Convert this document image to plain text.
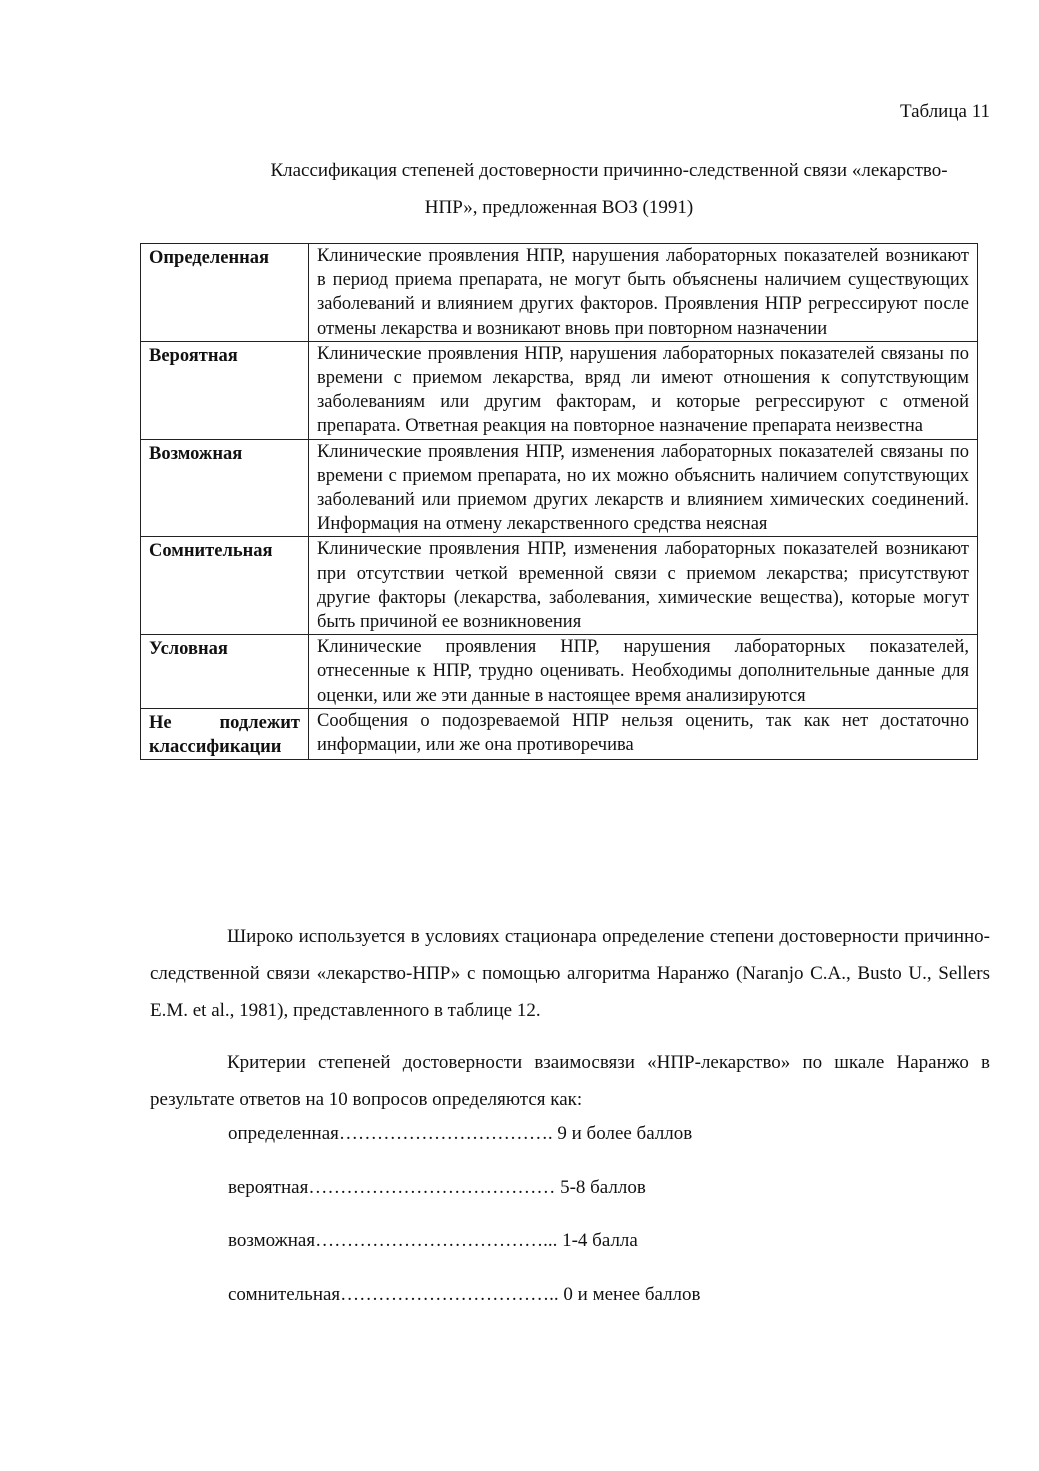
Таблица 11
Классификация степеней достоверности причинно-следственной связи «лекарство-
НПР», предложенная ВОЗ (1991)
Определенная	Клинические проявления НПР, нарушения лабораторных показателей возникают в период приема препарата, не могут быть объяснены наличием существующих заболеваний и влиянием других факторов. Проявления НПР регрессируют после отмены лекарства и возникают вновь при повторном назначении
Вероятная	Клинические проявления НПР, нарушения лабораторных показателей связаны по времени с приемом лекарства, вряд ли имеют отношения к сопутствующим заболеваниям или другим факторам, и которые регрессируют с отменой препарата. Ответная реакция на повторное назначение препарата неизвестна
Возможная	Клинические проявления НПР, изменения лабораторных показателей связаны по времени с приемом препарата, но их можно объяснить наличием сопутствующих заболеваний или приемом других лекарств и влиянием химических соединений. Информация на отмену лекарственного средства неясная
Сомнительная	Клинические проявления НПР, изменения лабораторных показателей возникают при отсутствии четкой временной связи с приемом лекарства; присутствуют другие факторы (лекарства, заболевания, химические вещества), которые могут быть причиной ее возникновения
Условная	Клинические проявления НПР, нарушения лабораторных показателей, отнесенные к НПР, трудно оценивать. Необходимы дополнительные данные для оценки, или же эти данные в настоящее время анализируются

Не подлежит
классификации	Сообщения о подозреваемой НПР нельзя оценить, так как нет достаточно информации, или же она противоречива

Широко используется в условиях стационара определение степени достоверности причинно-следственной связи «лекарство-НПР» с помощью алгоритма Наранжо (Naranjo C.A., Busto U., Sellers E.M. et al., 1981), представленного в таблице 12.

Критерии степеней достоверности взаимосвязи «НПР-лекарство» по шкале Наранжо в результате ответов на 10 вопросов определяются как:

определенная……………………………. 9 и более баллов
вероятная………………………………… 5-8 баллов
возможная………………………………... 1-4 балла
сомнительная…………………………….. 0 и менее баллов
